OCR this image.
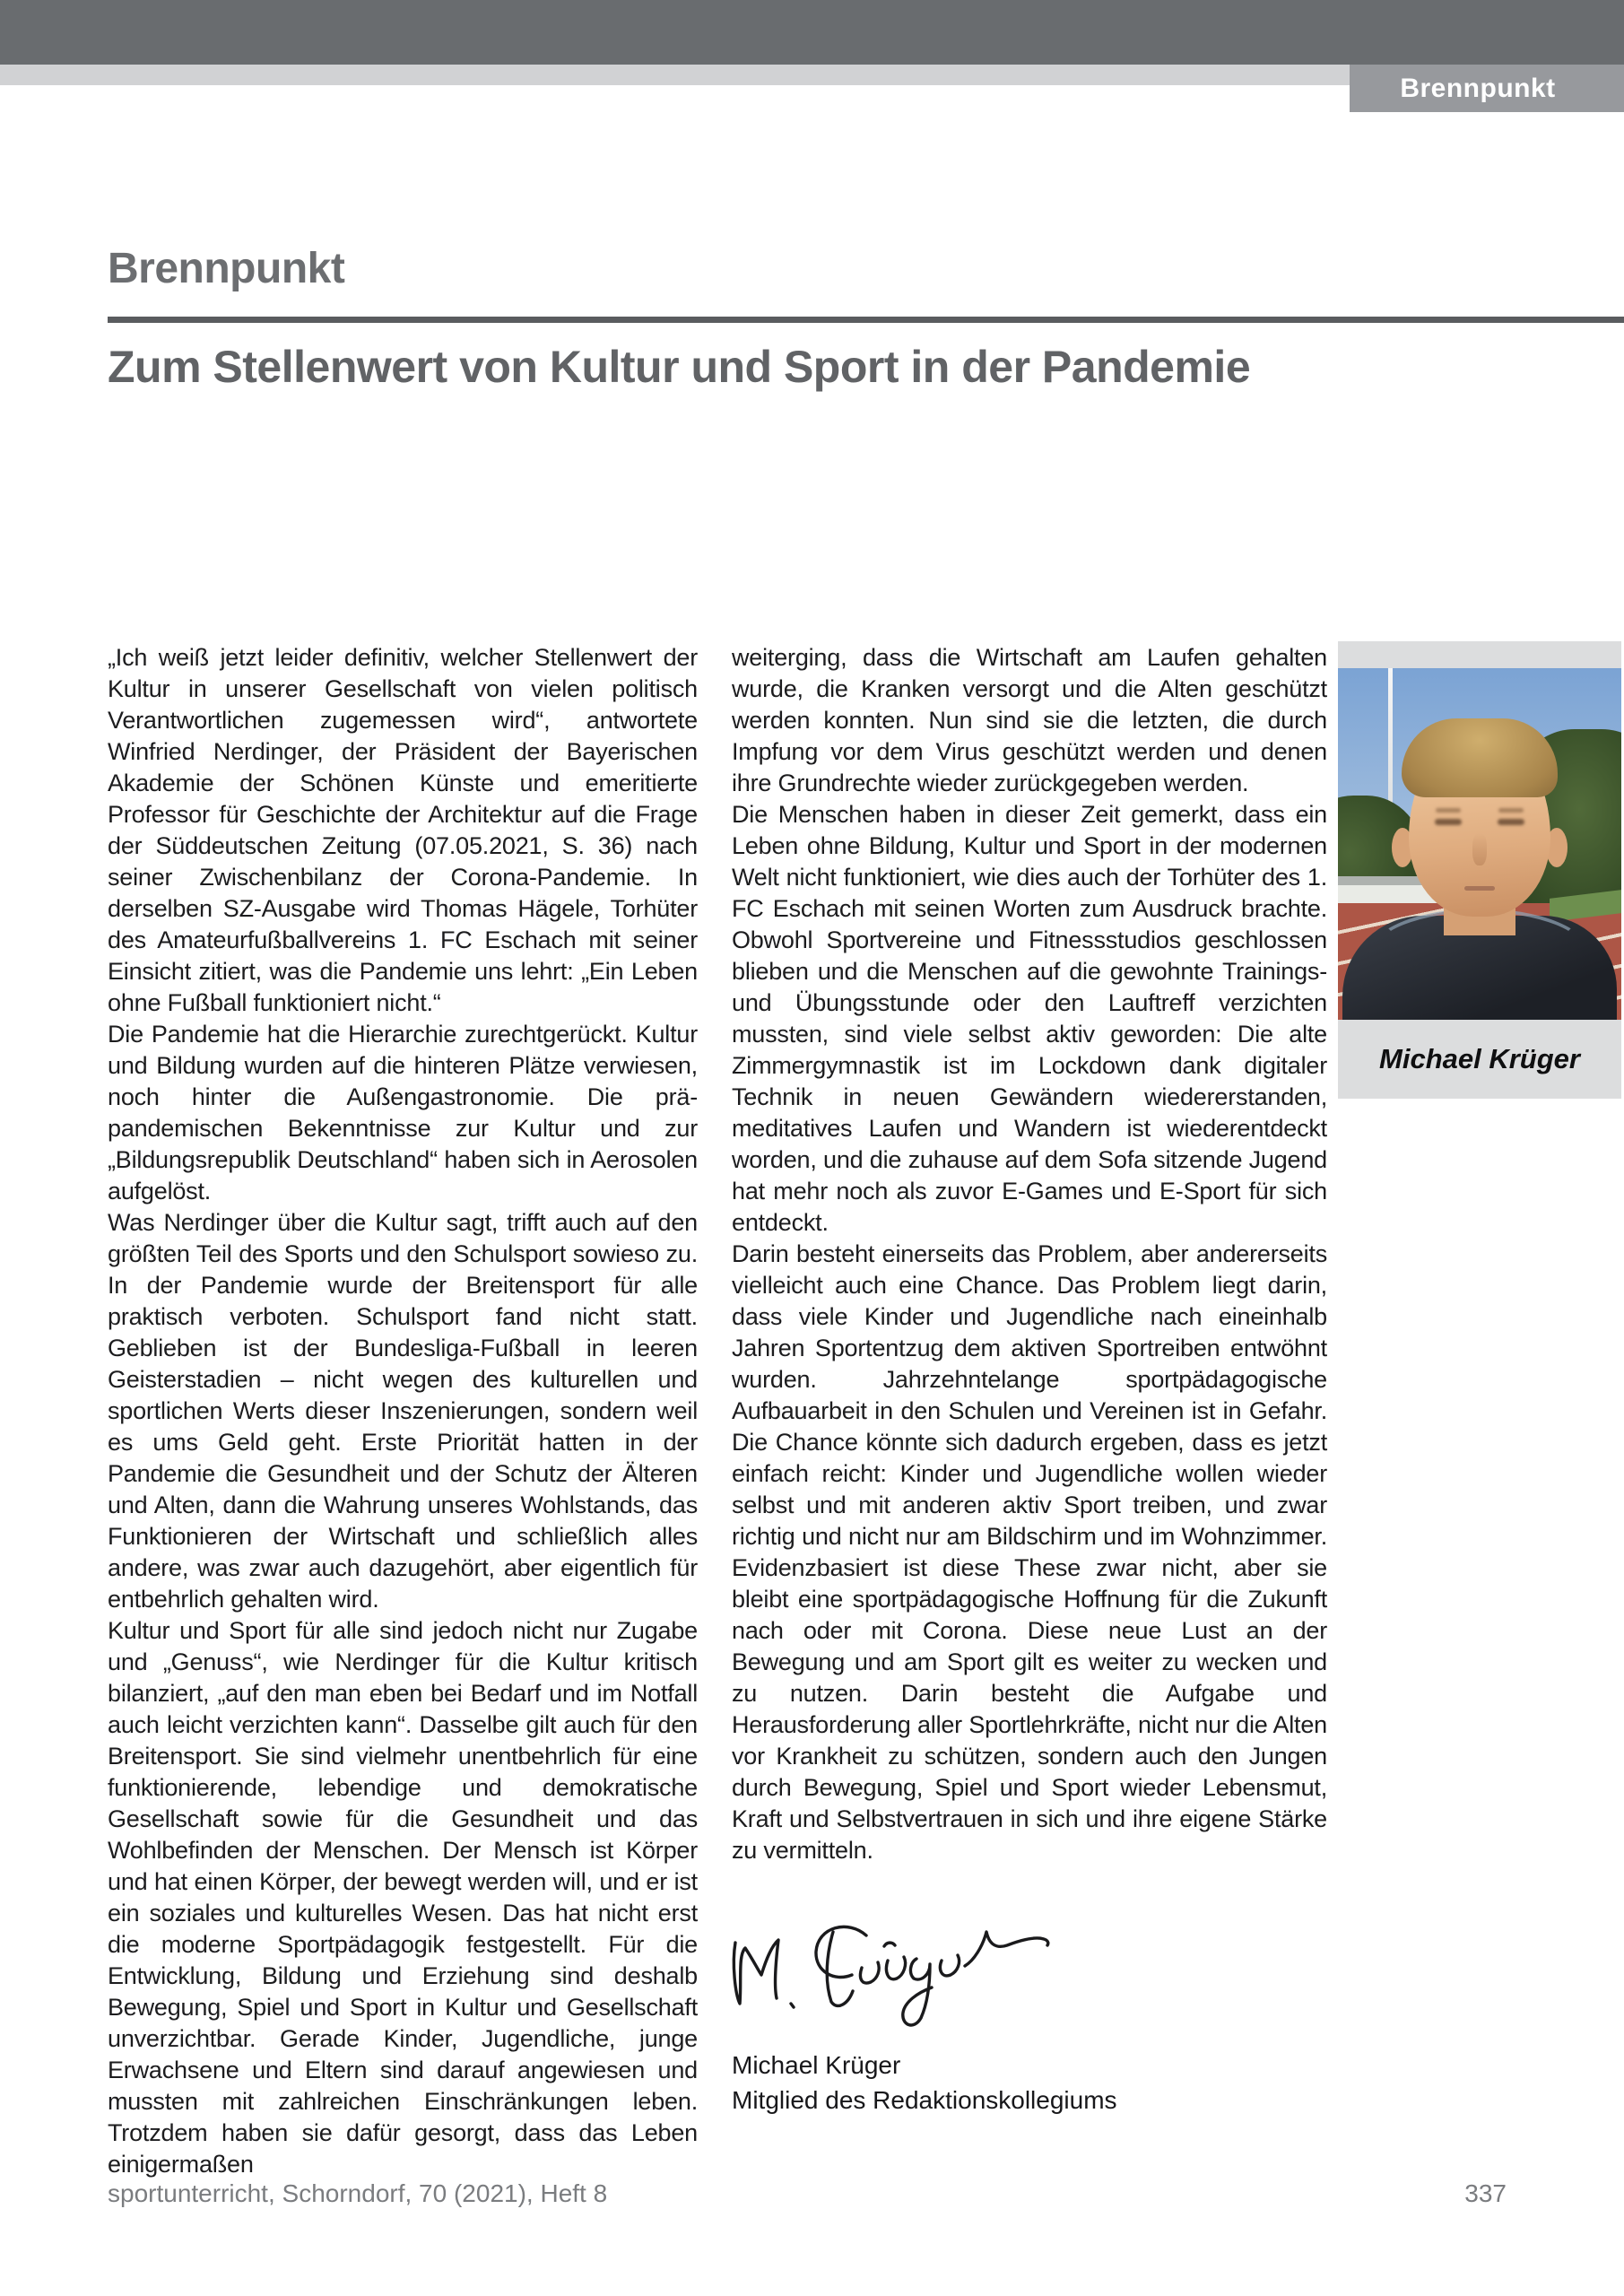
Brennpunkt
Brennpunkt
Zum Stellenwert von Kultur und Sport in der Pandemie

„Ich weiß jetzt leider definitiv, welcher Stellenwert der Kultur in unserer Gesellschaft von vielen politisch Verantwortlichen zugemessen wird“, antwortete Winfried Nerdinger, der Präsident der Bayerischen Akademie der Schönen Künste und emeritierte Professor für Geschichte der Architektur auf die Frage der Süddeutschen Zeitung (07.05.2021, S. 36) nach seiner Zwischenbilanz der Corona-Pandemie. In derselben SZ-Ausgabe wird Thomas Hägele, Torhüter des Amateurfußballvereins 1. FC Eschach mit seiner Einsicht zitiert, was die Pandemie uns lehrt: „Ein Leben ohne Fußball funktioniert nicht.“

Die Pandemie hat die Hierarchie zurechtgerückt. Kultur und Bildung wurden auf die hinteren Plätze verwiesen, noch hinter die Außengastronomie. Die prä-pandemischen Bekenntnisse zur Kultur und zur „Bildungsrepublik Deutschland“ haben sich in Aerosolen aufgelöst.

Was Nerdinger über die Kultur sagt, trifft auch auf den größten Teil des Sports und den Schulsport sowieso zu. In der Pandemie wurde der Breitensport für alle praktisch verboten. Schulsport fand nicht statt. Geblieben ist der Bundesliga-Fußball in leeren Geisterstadien – nicht wegen des kulturellen und sportlichen Werts dieser Inszenierungen, sondern weil es ums Geld geht. Erste Priorität hatten in der Pandemie die Gesundheit und der Schutz der Älteren und Alten, dann die Wahrung unseres Wohlstands, das Funktionieren der Wirtschaft und schließlich alles andere, was zwar auch dazugehört, aber eigentlich für entbehrlich gehalten wird.

Kultur und Sport für alle sind jedoch nicht nur Zugabe und „Genuss“, wie Nerdinger für die Kultur kritisch bilanziert, „auf den man eben bei Bedarf und im Notfall auch leicht verzichten kann“. Dasselbe gilt auch für den Breitensport. Sie sind vielmehr unentbehrlich für eine funktionierende, lebendige und demokratische Gesellschaft sowie für die Gesundheit und das Wohlbefinden der Menschen. Der Mensch ist Körper und hat einen Körper, der bewegt werden will, und er ist ein soziales und kulturelles Wesen. Das hat nicht erst die moderne Sportpädagogik festgestellt. Für die Entwicklung, Bildung und Erziehung sind deshalb Bewegung, Spiel und Sport in Kultur und Gesellschaft unverzichtbar. Gerade Kinder, Jugendliche, junge Erwachsene und Eltern sind darauf angewiesen und mussten mit zahlreichen Einschränkungen leben. Trotzdem haben sie dafür gesorgt, dass das Leben einigermaßen

weiterging, dass die Wirtschaft am Laufen gehalten wurde, die Kranken versorgt und die Alten geschützt werden konnten. Nun sind sie die letzten, die durch Impfung vor dem Virus geschützt werden und denen ihre Grundrechte wieder zurückgegeben werden.

Die Menschen haben in dieser Zeit gemerkt, dass ein Leben ohne Bildung, Kultur und Sport in der modernen Welt nicht funktioniert, wie dies auch der Torhüter des 1. FC Eschach mit seinen Worten zum Ausdruck brachte. Obwohl Sportvereine und Fitnessstudios geschlossen blieben und die Menschen auf die gewohnte Trainings- und Übungsstunde oder den Lauftreff verzichten mussten, sind viele selbst aktiv geworden: Die alte Zimmergymnastik ist im Lockdown dank digitaler Technik in neuen Gewändern wiedererstanden, meditatives Laufen und Wandern ist wiederentdeckt worden, und die zuhause auf dem Sofa sitzende Jugend hat mehr noch als zuvor E-Games und E-Sport für sich entdeckt.

Darin besteht einerseits das Problem, aber andererseits vielleicht auch eine Chance. Das Problem liegt darin, dass viele Kinder und Jugendliche nach eineinhalb Jahren Sportentzug dem aktiven Sportreiben entwöhnt wurden. Jahrzehntelange sportpädagogische Aufbauarbeit in den Schulen und Vereinen ist in Gefahr. Die Chance könnte sich dadurch ergeben, dass es jetzt einfach reicht: Kinder und Jugendliche wollen wieder selbst und mit anderen aktiv Sport treiben, und zwar richtig und nicht nur am Bildschirm und im Wohnzimmer. Evidenzbasiert ist diese These zwar nicht, aber sie bleibt eine sportpädagogische Hoffnung für die Zukunft nach oder mit Corona. Diese neue Lust an der Bewegung und am Sport gilt es weiter zu wecken und zu nutzen. Darin besteht die Aufgabe und Herausforderung aller Sportlehrkräfte, nicht nur die Alten vor Krankheit zu schützen, sondern auch den Jungen durch Bewegung, Spiel und Sport wieder Lebensmut, Kraft und Selbstvertrauen in sich und ihre eigene Stärke zu vermitteln.

Michael Krüger
Michael Krüger
Mitglied des Redaktionskollegiums
sportunterricht, Schorndorf, 70 (2021), Heft 8	337
